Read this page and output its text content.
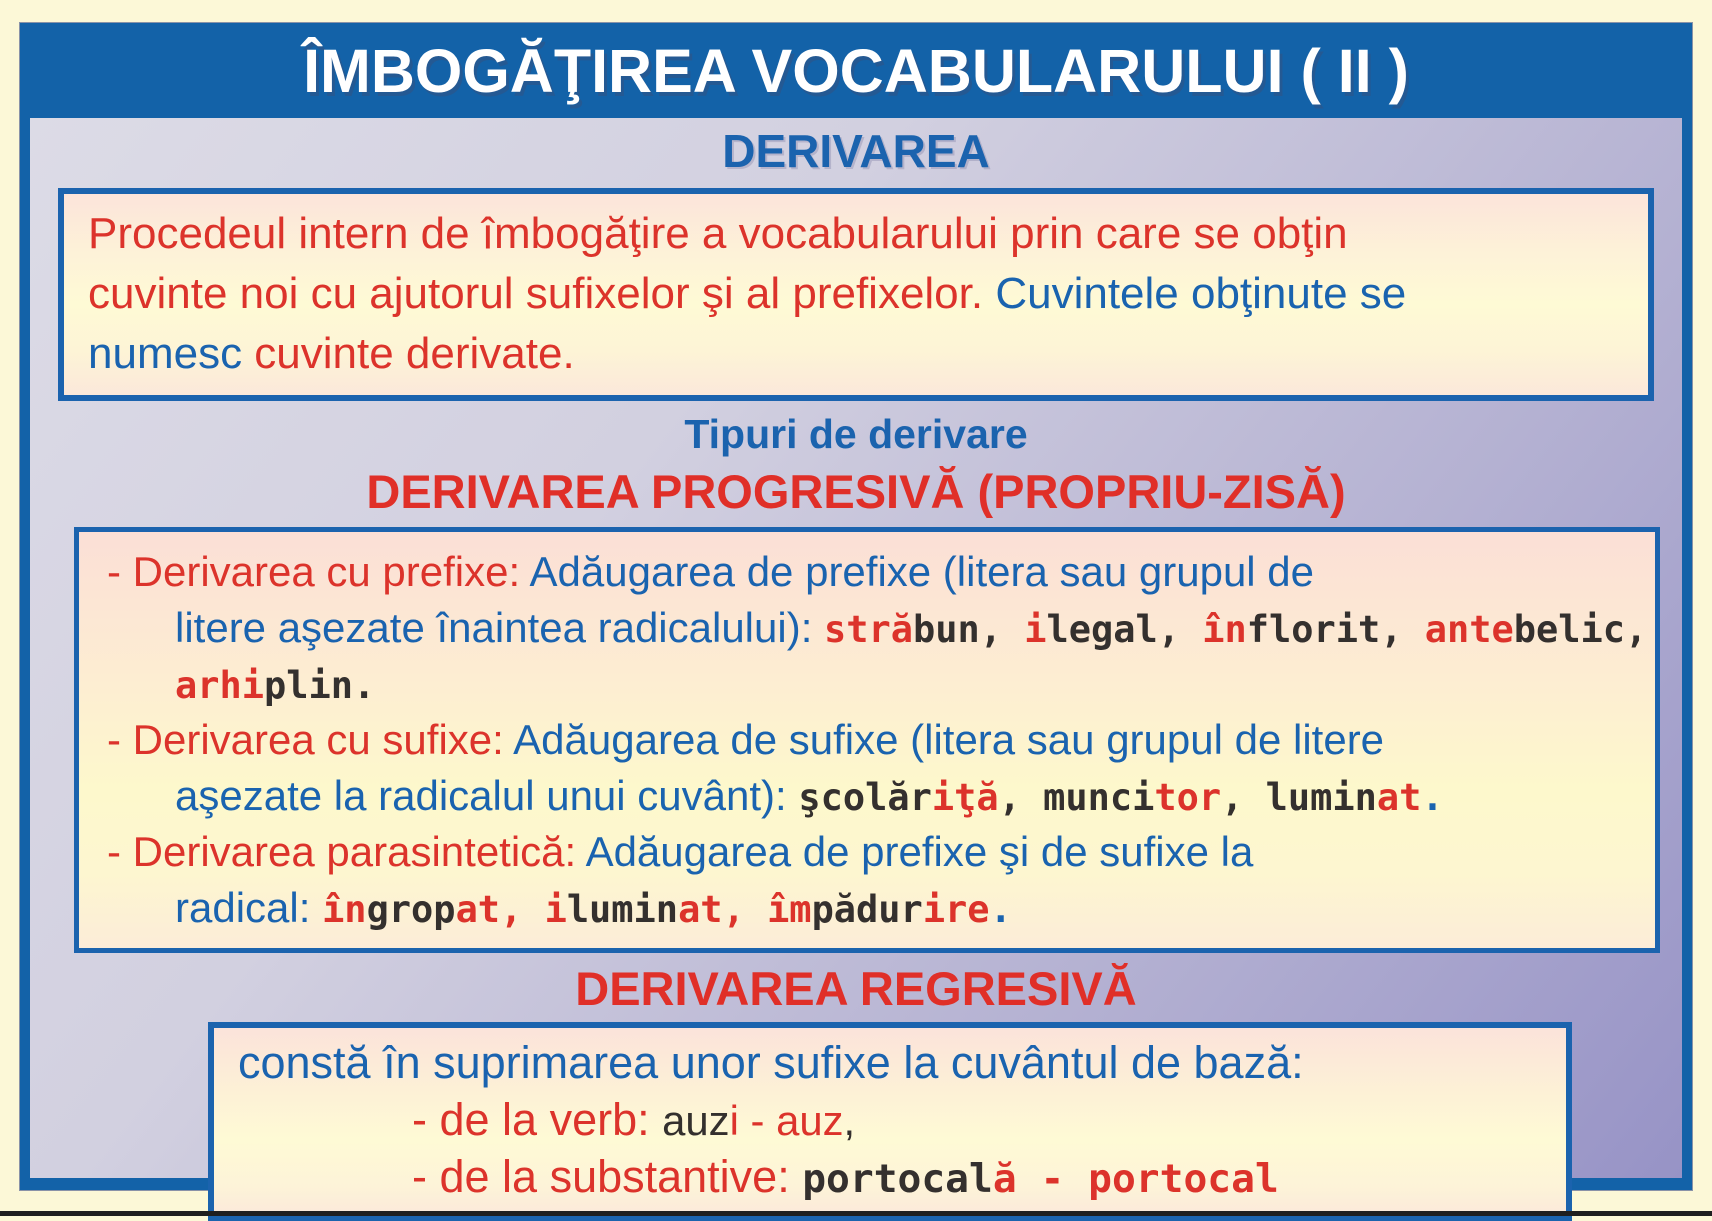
ÎMBOGĂŢIREA VOCABULARULUI ( II )
DERIVAREA
Procedeul intern de îmbogăţire a vocabularului prin care se obţin
cuvinte noi cu ajutorul sufixelor şi al prefixelor. Cuvintele obţinute se
numesc cuvinte derivate.
Tipuri de derivare
DERIVAREA PROGRESIVĂ (PROPRIU-ZISĂ)
- Derivarea cu prefixe: Adăugarea de prefixe (litera sau grupul de
litere aşezate înaintea radicalului): străbun, ilegal, înflorit, antebelic,
arhiplin.
- Derivarea cu sufixe: Adăugarea de sufixe (litera sau grupul de litere
aşezate la radicalul unui cuvânt): şcolăriţă, muncitor, luminat.
- Derivarea parasintetică: Adăugarea de prefixe şi de sufixe la
radical: îngropat, iluminat, împădurire.
DERIVAREA REGRESIVĂ
constă în suprimarea unor sufixe la cuvântul de bază:
- de la verb: auzi - auz,
- de la substantive: portocală - portocal
